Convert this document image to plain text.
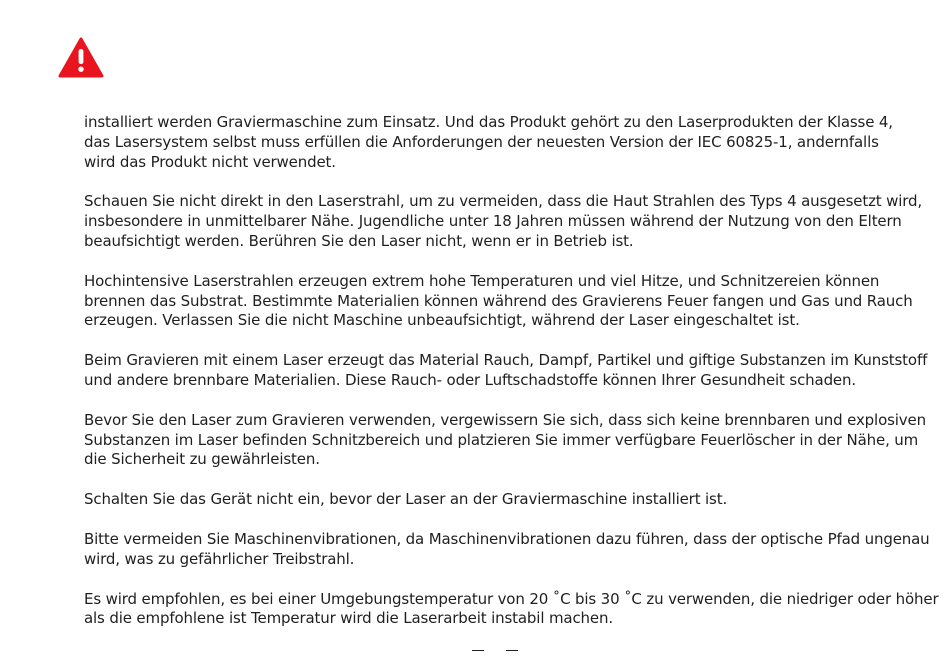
installiert werden Graviermaschine zum Einsatz. Und das Produkt gehört zu den Laserprodukten der Klasse 4,
das Lasersystem selbst muss erfüllen die Anforderungen der neuesten Version der IEC 60825-1, andernfalls
wird das Produkt nicht verwendet.

Schauen Sie nicht direkt in den Laserstrahl, um zu vermeiden, dass die Haut Strahlen des Typs 4 ausgesetzt wird,
insbesondere in unmittelbarer Nähe. Jugendliche unter 18 Jahren müssen während der Nutzung von den Eltern
beaufsichtigt werden. Berühren Sie den Laser nicht, wenn er in Betrieb ist.

Hochintensive Laserstrahlen erzeugen extrem hohe Temperaturen und viel Hitze, und Schnitzereien können
brennen das Substrat. Bestimmte Materialien können während des Gravierens Feuer fangen und Gas und Rauch
erzeugen. Verlassen Sie die nicht Maschine unbeaufsichtigt, während der Laser eingeschaltet ist.

Beim Gravieren mit einem Laser erzeugt das Material Rauch, Dampf, Partikel und giftige Substanzen im Kunststoff
und andere brennbare Materialien. Diese Rauch- oder Luftschadstoffe können Ihrer Gesundheit schaden.

Bevor Sie den Laser zum Gravieren verwenden, vergewissern Sie sich, dass sich keine brennbaren und explosiven
Substanzen im Laser befinden Schnitzbereich und platzieren Sie immer verfügbare Feuerlöscher in der Nähe, um
die Sicherheit zu gewährleisten.

Schalten Sie das Gerät nicht ein, bevor der Laser an der Graviermaschine installiert ist.

Bitte vermeiden Sie Maschinenvibrationen, da Maschinenvibrationen dazu führen, dass der optische Pfad ungenau
wird, was zu gefährlicher Treibstrahl.

Es wird empfohlen, es bei einer Umgebungstemperatur von 20 ˚C bis 30 ˚C zu verwenden, die niedriger oder höher
als die empfohlene ist Temperatur wird die Laserarbeit instabil machen.
